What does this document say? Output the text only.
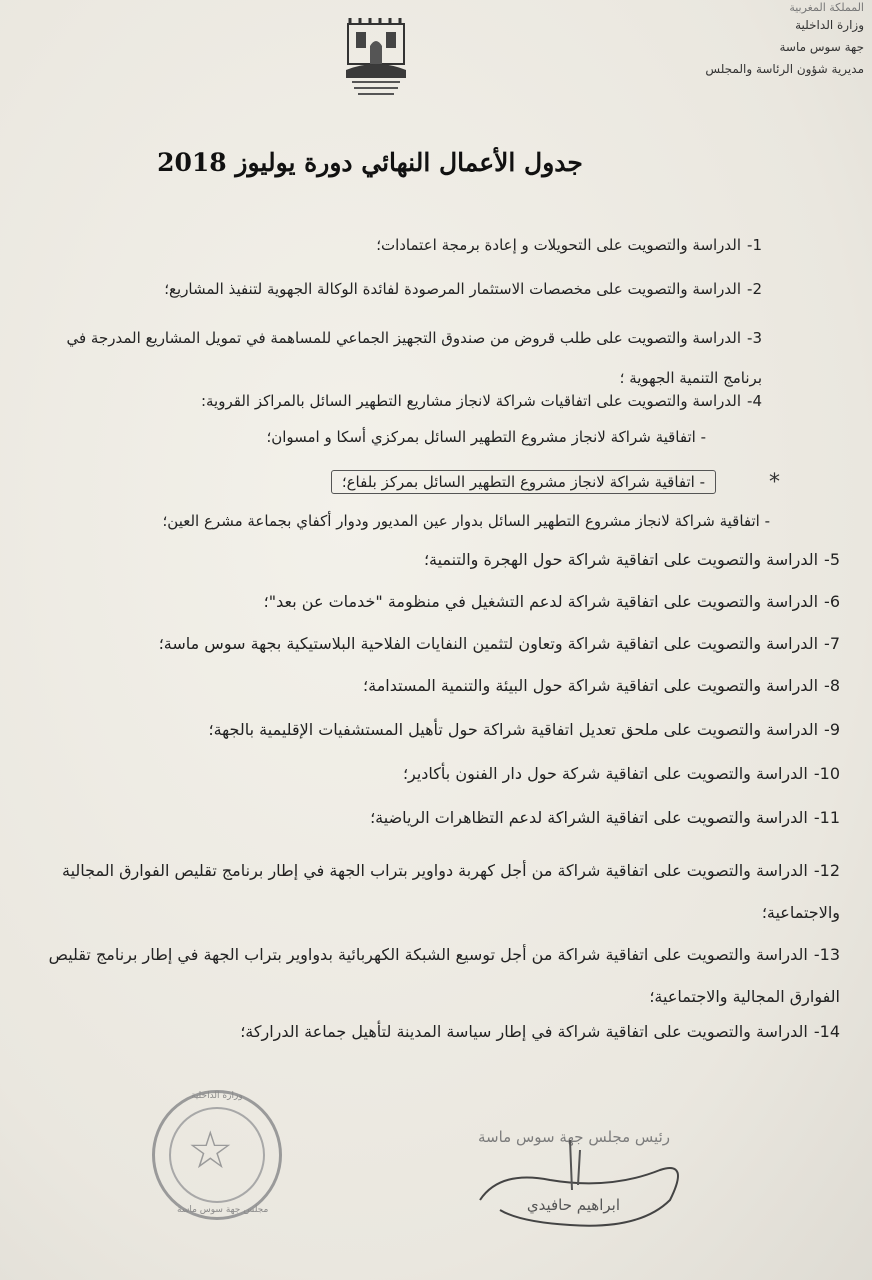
المملكة المغربية
وزارة الداخلية
جهة سوس ماسة
مديرية شؤون الرئاسة والمجلس
جدول الأعمال النهائي دورة يوليوز 2018
1-الدراسة والتصويت على التحويلات و إعادة برمجة اعتمادات؛
2-الدراسة والتصويت على مخصصات الاستثمار المرصودة لفائدة الوكالة الجهوية لتنفيذ المشاريع؛
3-الدراسة والتصويت على طلب قروض من صندوق التجهيز الجماعي للمساهمة في تمويل المشاريع المدرجة في برنامج التنمية الجهوية ؛
4-الدراسة والتصويت على اتفاقيات شراكة لانجاز مشاريع التطهير السائل بالمراكز القروية:
- اتفاقية شراكة لانجاز مشروع التطهير السائل بمركزي أسكا و امسوان؛
*
- اتفاقية شراكة لانجاز مشروع التطهير السائل بمركز بلفاع؛
- اتفاقية شراكة لانجاز مشروع التطهير السائل بدوار عين المديور ودوار أكفاي بجماعة مشرع العين؛
5-الدراسة والتصويت على اتفاقية شراكة حول الهجرة والتنمية؛
6-الدراسة والتصويت على اتفاقية شراكة لدعم التشغيل في منظومة "خدمات عن بعد"؛
7-الدراسة والتصويت على اتفاقية شراكة وتعاون لتثمين النفايات الفلاحية البلاستيكية بجهة سوس ماسة؛
8-الدراسة والتصويت على اتفاقية شراكة حول البيئة والتنمية المستدامة؛
9-الدراسة والتصويت على ملحق تعديل اتفاقية شراكة حول تأهيل المستشفيات الإقليمية بالجهة؛
10-الدراسة والتصويت على اتفاقية شركة حول دار الفنون بأكادير؛
11-الدراسة والتصويت على اتفاقية الشراكة لدعم التظاهرات الرياضية؛
12-الدراسة والتصويت على اتفاقية شراكة من أجل كهربة دواوير بتراب الجهة في إطار برنامج تقليص الفوارق المجالية والاجتماعية؛
13-الدراسة والتصويت على اتفاقية شراكة من أجل توسيع الشبكة الكهربائية بدواوير بتراب الجهة في إطار برنامج تقليص الفوارق المجالية والاجتماعية؛
14-الدراسة والتصويت على اتفاقية شراكة في إطار سياسة المدينة لتأهيل جماعة الدراركة؛
وزارة الداخلية
☆
مجلس جهة سوس ماسة
رئيس مجلس جهة سوس ماسة
ابراهيم حافيدي
